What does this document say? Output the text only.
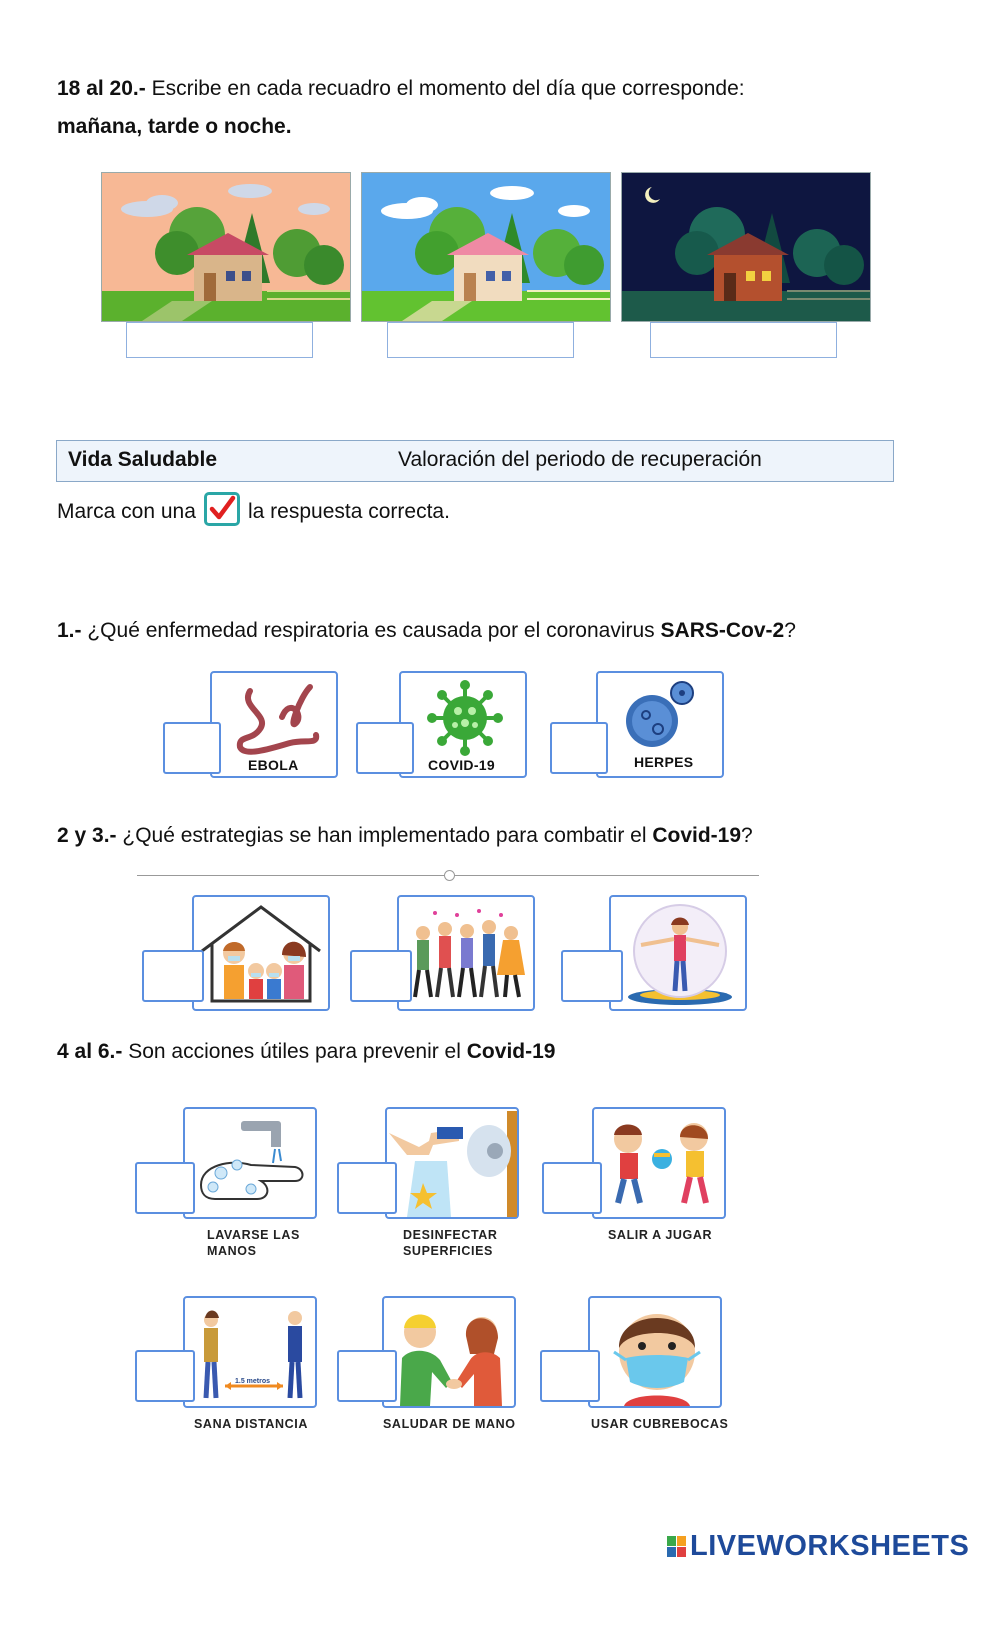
18 al 20.- Escribe en cada recuadro el momento del día que corresponde:
mañana, tarde o noche.
Vida Saludable	Valoración del periodo de recuperación
Marca con una la respuesta correcta.
1.- ¿Qué enfermedad respiratoria es causada por el coronavirus SARS-Cov-2?
EBOLA	COVID-19	HERPES
2 y 3.- ¿Qué estrategias se han implementado para combatir el Covid-19?
4 al 6.- Son acciones útiles para prevenir el Covid-19
LAVARSE LAS
MANOS
DESINFECTAR
SUPERFICIES
SALIR A JUGAR
1.5 metros
SANA DISTANCIA	SALUDAR DE MANO	USAR CUBREBOCAS
LIVEWORKSHEETS
